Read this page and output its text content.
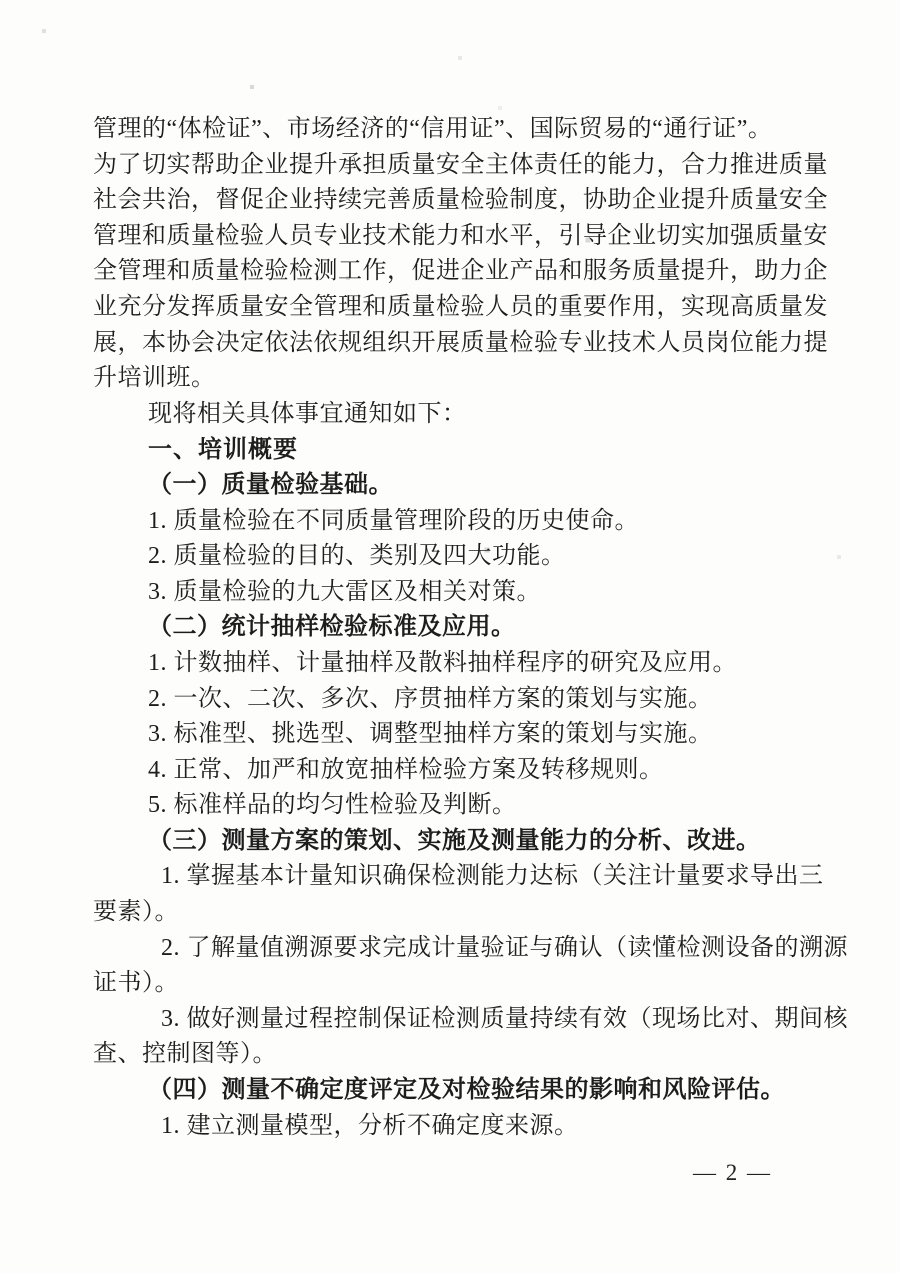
管理的“体检证”、市场经济的“信用证”、国际贸易的“通行证”。
为了切实帮助企业提升承担质量安全主体责任的能力，合力推进质量
社会共治，督促企业持续完善质量检验制度，协助企业提升质量安全
管理和质量检验人员专业技术能力和水平，引导企业切实加强质量安
全管理和质量检验检测工作，促进企业产品和服务质量提升，助力企
业充分发挥质量安全管理和质量检验人员的重要作用，实现高质量发
展，本协会决定依法依规组织开展质量检验专业技术人员岗位能力提
升培训班。
现将相关具体事宜通知如下：
一、培训概要
（一）质量检验基础。
1. 质量检验在不同质量管理阶段的历史使命。
2. 质量检验的目的、类别及四大功能。
3. 质量检验的九大雷区及相关对策。
（二）统计抽样检验标准及应用。
1. 计数抽样、计量抽样及散料抽样程序的研究及应用。
2. 一次、二次、多次、序贯抽样方案的策划与实施。
3. 标准型、挑选型、调整型抽样方案的策划与实施。
4. 正常、加严和放宽抽样检验方案及转移规则。
5. 标准样品的均匀性检验及判断。
（三）测量方案的策划、实施及测量能力的分析、改进。
1. 掌握基本计量知识确保检测能力达标（关注计量要求导出三
要素）。
2. 了解量值溯源要求完成计量验证与确认（读懂检测设备的溯源
证书）。
3. 做好测量过程控制保证检测质量持续有效（现场比对、期间核
查、控制图等）。
（四）测量不确定度评定及对检验结果的影响和风险评估。
1. 建立测量模型，分析不确定度来源。
— 2 —
